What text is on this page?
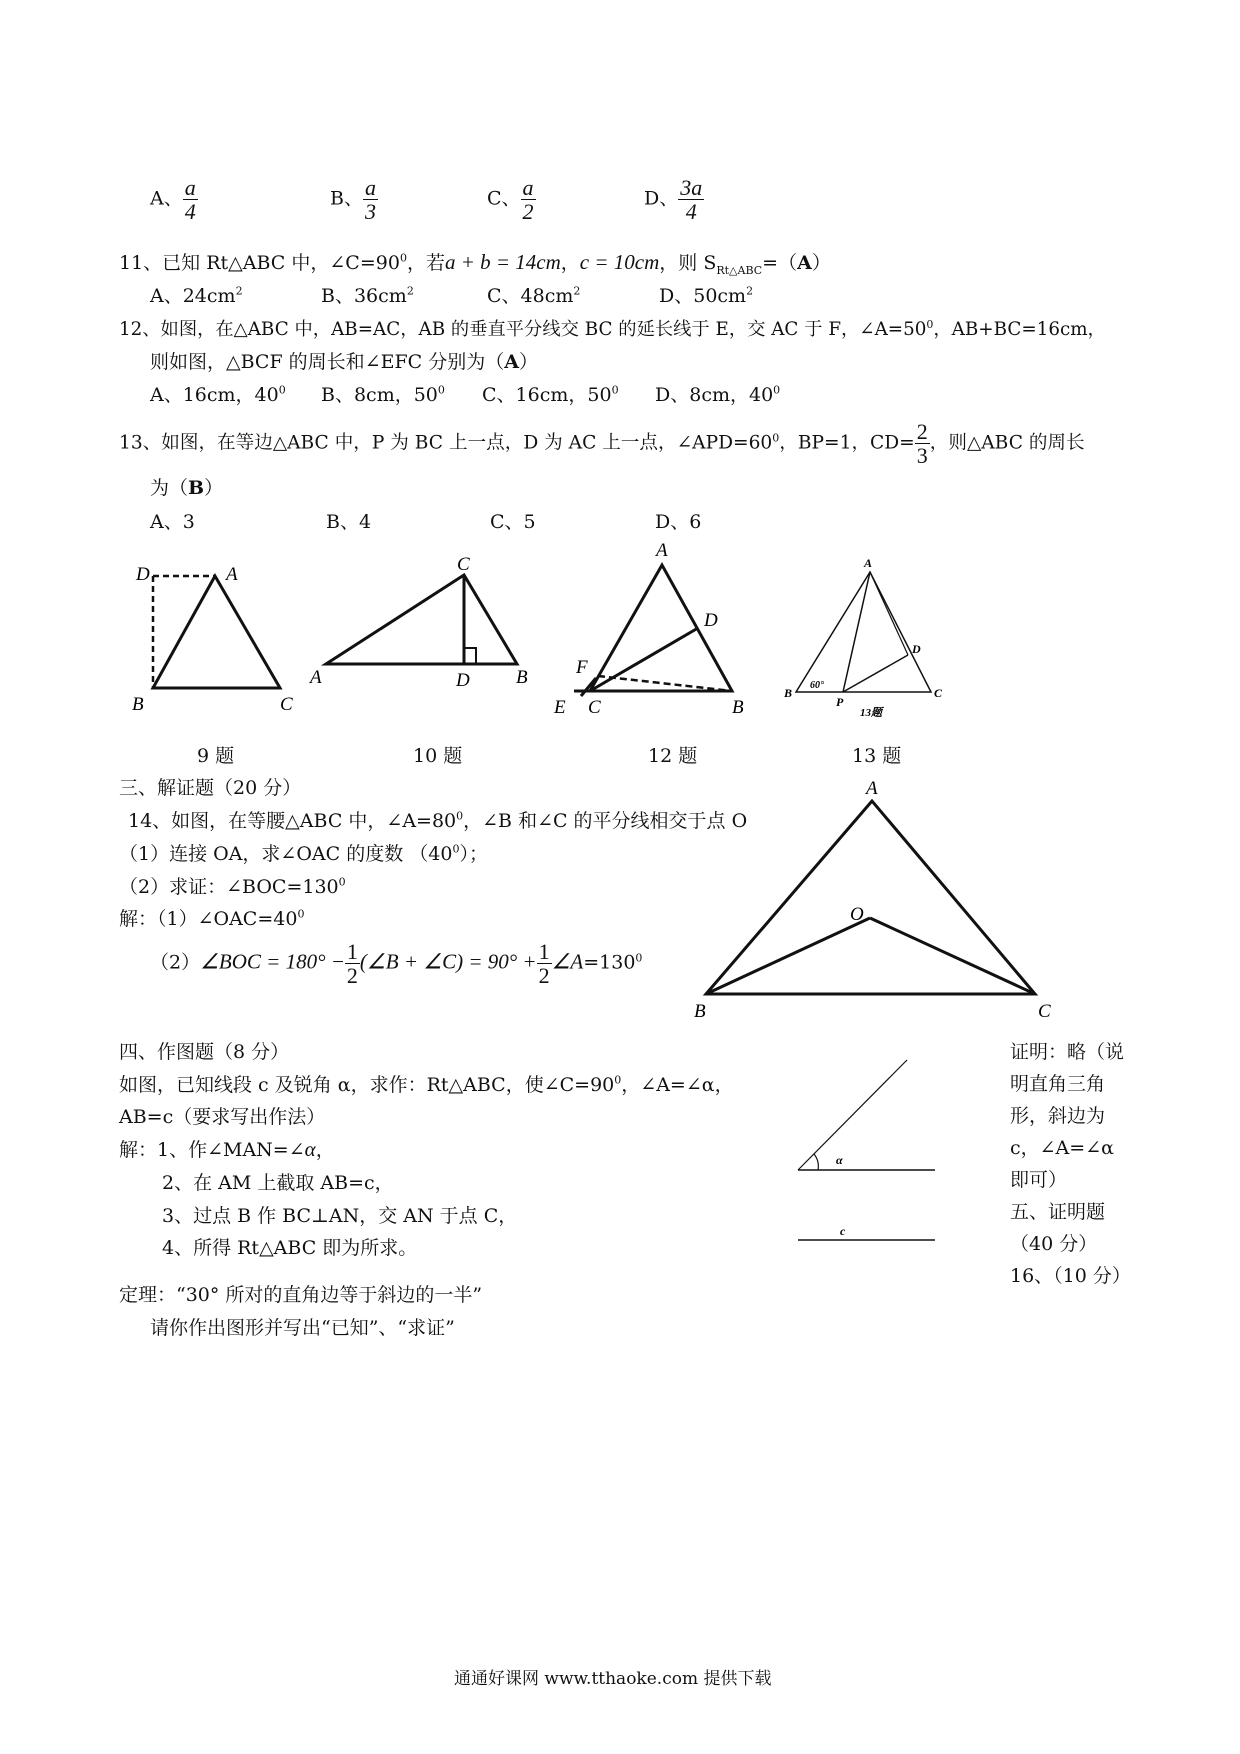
A、 $\frac{a}{4}$	B、 $\frac{a}{3}$	C、 $\frac{a}{2}$	D、 $\frac{3a}{4}$
11、已知 Rt△ABC 中，$\angle C=90^0$，若a + b = 14cm，c = 10cm，则 $S_{Rt\triangle ABC}=(A)$
A、$24cm^2$	B、$36cm^2$	C、$48cm^2$	D、$50cm^2$
12、如图，在△ABC 中，AB=AC，AB 的垂直平分线交 BC 的延长线于 E，交 AC 于 F，$\angle A=50^0$，AB+BC=16cm，
则如图，△BCF 的周长和∠EFC 分别为（A）
A、16cm，$40^0$ B、8cm，$50^0$ C、16cm，$50^0$ D、8cm，$40^0$
13、如图，在等边△ABC 中，P 为 BC 上一点，D 为 AC 上一点，$\angle APD=60^0$，BP=1，$CD= \frac{2}{3}$ ，则△ABC 的周长
为（B）
A、3	B、4	C、5	D、6
D	A
B	C
C
A	D B
A
D
F
E C	B
A
D
B
P
C
60°
13题
9 题	10 题	12 题	13 题
三、解证题（20 分）
14、如图，在等腰△ABC 中，$\angle A=80^0$，∠B 和∠C 的平分线相交于点 O
（1）连接 OA，求∠OAC 的度数 $(40^0)$；
（2）求证：$\angle BOC=130^0$
解：$(1)\angle OAC=40^0$
（2）∠BOC = $180^\circ - \frac{1}{2}$ (∠B + ∠C) = $90^\circ + \frac{1}{2}$ $\angle A=130^0$
A
O
B	C
证明：略（说
明直角三角
形，斜边为
c，∠A=∠α
即可）
五、证明题
（40 分）
16、（10 分）
四、作图题（8 分）
如图，已知线段 c 及锐角 α，求作：Rt△ABC，使$\angle C=90^0$，∠A=∠α，
AB=c（要求写出作法）
解：1、作∠MAN=∠α，
2、在 AM 上截取 AB=c，
3、过点 B 作 BC⊥AN，交 AN 于点 C，
4、所得 Rt△ABC 即为所求。
α
c
定理：“30° 所对的直角边等于斜边的一半”
请你作出图形并写出“已知”、“求证”
通通好课网 www.tthaoke.com 提供下载
